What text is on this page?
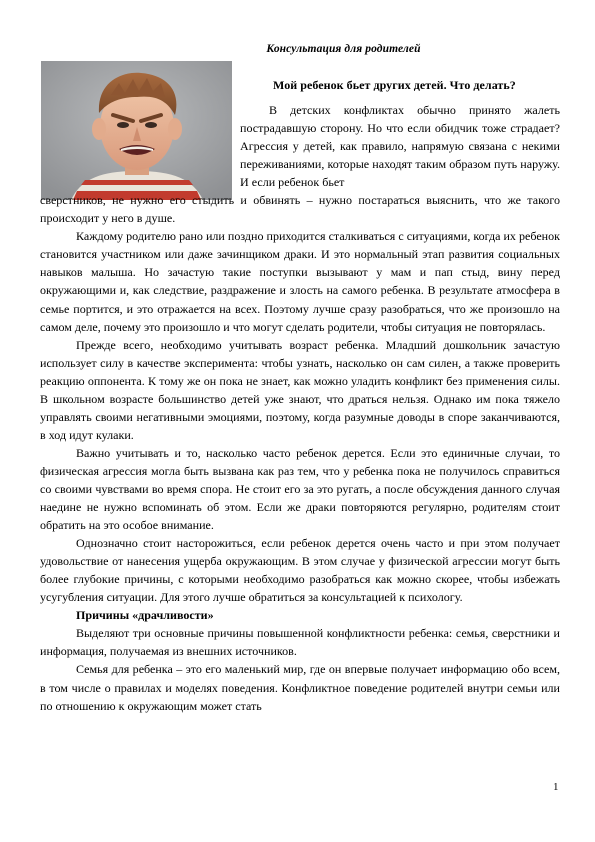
Консультация для родителей
Мой ребенок бьет других детей. Что делать?

В детских конфликтах обычно принято жалеть пострадавшую сторону. Но что если обидчик тоже страдает? Агрессия у детей, как правило, напрямую связана с некими переживаниями, которые находят таким образом путь наружу. И если ребенок бьет

сверстников, не нужно его стыдить и обвинять – нужно постараться выяснить, что же такого происходит у него в душе.

Каждому родителю рано или поздно приходится сталкиваться с ситуациями, когда их ребенок становится участником или даже зачинщиком драки. И это нормальный этап развития социальных навыков малыша. Но зачастую такие поступки вызывают у мам и пап стыд, вину перед окружающими и, как следствие, раздражение и злость на самого ребенка. В результате атмосфера в семье портится, и это отражается на всех. Поэтому лучше сразу разобраться, что же произошло на самом деле, почему это произошло и что могут сделать родители, чтобы ситуация не повторялась.

Прежде всего, необходимо учитывать возраст ребенка. Младший дошкольник зачастую использует силу в качестве эксперимента: чтобы узнать, насколько он сам силен, а также проверить реакцию оппонента. К тому же он пока не знает, как можно уладить конфликт без применения силы. В школьном возрасте большинство детей уже знают, что драться нельзя. Однако им пока тяжело управлять своими негативными эмоциями, поэтому, когда разумные доводы в споре заканчиваются, в ход идут кулаки.

Важно учитывать и то, насколько часто ребенок дерется. Если это единичные случаи, то физическая агрессия могла быть вызвана как раз тем, что у ребенка пока не получилось справиться со своими чувствами во время спора. Не стоит его за это ругать, а после обсуждения данного случая наедине не нужно вспоминать об этом. Если же драки повторяются регулярно, родителям стоит обратить на это особое внимание.

Однозначно стоит насторожиться, если ребенок дерется очень часто и при этом получает удовольствие от нанесения ущерба окружающим. В этом случае у физической агрессии могут быть более глубокие причины, с которыми необходимо разобраться как можно скорее, чтобы избежать усугубления ситуации. Для этого лучше обратиться за консультацией к психологу.

Причины «драчливости»

Выделяют три основные причины повышенной конфликтности ребенка: семья, сверстники и информация, получаемая из внешних источников.

Семья для ребенка – это его маленький мир, где он впервые получает информацию обо всем, в том числе о правилах и моделях поведения. Конфликтное поведение родителей внутри семьи или по отношению к окружающим может стать

1
